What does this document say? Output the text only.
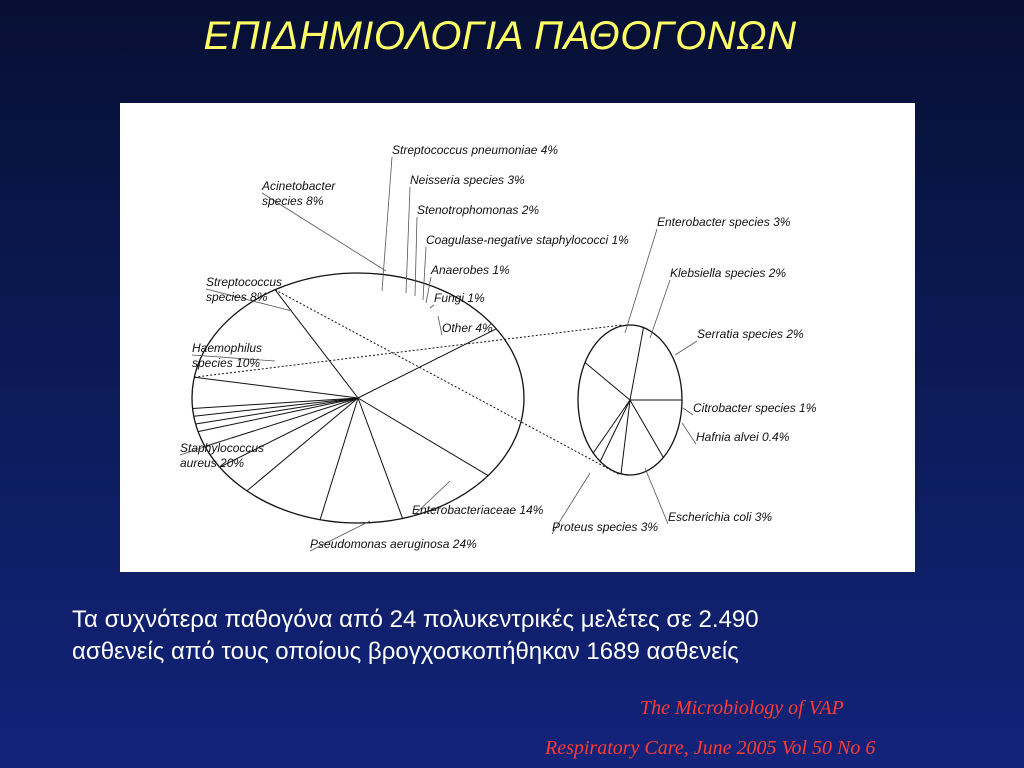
ΕΠΙΔΗΜΙΟΛΟΓΙΑ ΠΑΘΟΓΟΝΩΝ
Pseudomonas aeruginosa 24%
Staphylococcus aureus 20%
Haemophilus species 10%
Streptococcus species 8%
Acinetobacter species 8%
Streptococcus pneumoniae 4%
Neisseria species 3%
Stenotrophomonas 2%
Coagulase-negative staphylococci 1%
Anaerobes 1%
Fungi 1%
Other 4%
Enterobacteriaceae 14%
Enterobacter species 3%
Klebsiella species 2%
Serratia species 2%
Citrobacter species 1%
Hafnia alvei 0.4%
Escherichia coli 3%
Proteus species 3%
Τα συχνότερα παθογόνα από 24 πολυκεντρικές μελέτες σε 2.490
ασθενείς από τους οποίους βρογχοσκοπήθηκαν 1689 ασθενείς
The Microbiology of VAP
Respiratory Care, June 2005 Vol 50 No 6
